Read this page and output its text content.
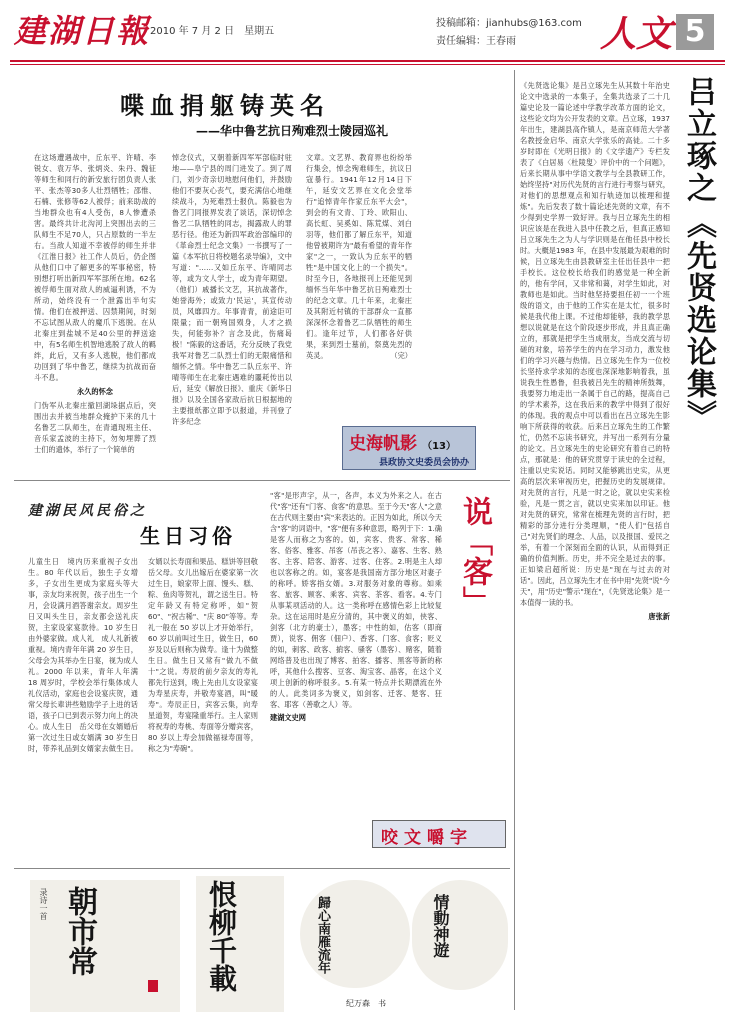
建湖日報 2010 年 7 月 2 日　星期五
投稿邮箱：jianhubs@163.com
责任编辑：王春雨 人文 5
喋血捐躯铸英名
——华中鲁艺抗日殉难烈士陵园巡礼
在这场遭遇战中，丘东平、许晴、李锐女、袁万华、张炳炎、朱丹、魏征等师生和同行的新安旅行团负责人张平、张杰等30多人壮烈牺牲；邵惟、石楠、张修等62人被俘；前来助战的当地群众也有4人受伤，8人惨遭杀害。最终共计北沟河上突围出去的三队师生不足70人，只占原数的一半左右。当敌人知道不幸被俘的师生并非《江淮日报》社工作人员后，仍企图从他们口中了解更多的军事秘密，特别想打听出新四军军部所在地。62名被俘师生面对敌人的威逼利诱，不为所动，始终没有一个泄露出半句实情。他们在被押送、囚禁期间，时刻不忘试图从敌人的魔爪下逃脱。在从北秦庄到盐城不足40公里的押送途中，有5名师生机智地逃脱了敌人的羁绊，此后，又有多人逃脱，他们都成功回到了华中鲁艺，继续为抗战而奋斗不息。
永久的怀念
门伪军从北秦庄撤回湖垛据点后，突围出去并被当地群众掩护下来的几十名鲁艺二队师生，在青通现班主任、音乐家孟波的主持下，勿匆埋葬了烈士们的遗体，举行了一个简单的
悼念仪式，又朝着新四军军部临时驻地——阜宁县的周门进发了。到了周门，刘少奇亲切地慰问他们，并鼓励他们不要灰心丧气，要充满信心地继续战斗，为死难烈士报仇。陈毅也为鲁艺门同报界发表了谈话，深切悼念鲁艺二队牺牲的同志，揭露敌人的罪恶行径。他还为新四军政治部编印的《革命烈士纪念文集》一书撰写了一篇《本军抗日将校题名录导编》，文中写道："……又如丘东平、许晴同志等，或为文人学士，或为青年期望。（他们）戚播长文艺，其抗战著作，她誉海外；或致力'民运'，其宣传动员，风靡四方。年事青青，前途讵可限量；而一朝殉国殒身，人才之损失，何能弥补？言念及此，伤痛曷极！"陈毅的这番话，充分反映了我党我军对鲁艺二队烈士们的无限痛惜和缅怀之情。华中鲁艺二队丘东平、许晴等师生在北秦庄遇难的噩耗传出以后，延安《解放日报》、重庆《新华日报》以及全国各家敌后抗日根据地的主要报纸都立即予以报道，并刊登了许多纪念
文章。文艺界、教育界也纷纷举行集会，悼念殉难师生，抗议日寇暴行。1941年12月14日下午，延安文艺界在文化会堂举行"追悼青年作家丘东平大会"，到会的有文青、丁玲、欧阳山、高长虹、吴奚如、陈荒煤、刘白羽等，他们都了解丘东平，知道他曾被期许为"最有希望的青年作家"之一，一致认为丘东平的牺牲"是中国文化上的一个损失"。时至今日，各地报刊上还能见到缅怀当年华中鲁艺抗日殉难烈士的纪念文章。几十年来，北秦庄及其附近村镇的干部群众一直都深深怀念着鲁艺二队牺牲的师生们。逢年过节，人们都各好供果，来到烈士墓前，祭奠先烈的英灵。	（完）
史海帆影 （13）
县政协文史委员会协办
《先贤选论集》是吕立琢先生从其数十年治史论文中选录的一本集子，全集共选录了二十几篇史论及一篇论述中学教学改革方面的论文，这些论文均为公开发表的文章。吕立琢，1937 年出生，建湖县高作镇人，是南京师范大学著名教授金启华、南京大学张乐的高徒。二十多岁时即在《光明日报》的《文学遗产》专栏发表了《白居易〈杜陵叟〉评价中的一个问题》，后来长期从事中学语文教学与全县教研工作，始终坚持"对历代先贤的言行进行考察与研究，对他们的思想观点和知行轨迹加以梳理和提炼"。先后发表了数十篇论述先贤的文章，有不少得到史学界一致好评。我与吕立琢先生的相识应该是在我进入县中任教之后，但真正感知吕立琢先生之为人与学识则是在他任县中校长时。大概是1983 年，在县中发展最为艰难的时候，吕立琢先生由县教研室主任出任县中一把手校长。这位校长给我们的感觉是一种全新的，他有学问，又非常和蔼，对学生如此，对教师也是如此。当时他坚持要担任初一一个班级的语文，由于他的工作实在是太忙，很多时候是我代他上课。不过他却能够，我的教学思想以说就是在这个阶段逐步形成，并且真正确立的，那就是把学生当成朋友，当成交流与切磋的对象，培养学生的内在学习动力，激发他们的学习兴趣与热情。吕立琢先生作为一位校长坚持求学求知的态度也深深地影响着我，虽说我生性愚鲁，但我被吕先生的精神所鼓舞，我要努力地走出一条属于自己的路，提高自己的学术素养，这在我后来的教学中得到了很好的体现。我的观点中可以看出在吕立琢先生影响下所获得的收获。后来吕立琢先生的工作繁忙，仍然不忘读书研究，并写出一系列有分量的论文。吕立琢先生的史论研究有着自己的特点，那就是：他的研究贯穿于读史的全过程，注重以史实说话。同时又能够跳出史实，从更高的层次来审视历史，把握历史的发展规律。对先贤的言行，凡是一时之论，就以史实来检验，凡是一贯之言，就以史实来加以印证。他对先贤的研究，常常在梳理先贤的言行时，把精彩的部分进行分类理顺，"使人们"包括自己"对先贤们的理念、人品，以及报国、爱民之举，有着一个深刻而全面的认识，从而得到正确的价值判断。历史，并不完全是过去的事。正如梁启超所说：历史是"现在与过去的对话"。因此，吕立琢先生才在书中用"先贤"说"今天"，用"历史"警示"现在"，《先贤选论集》是一本值得一读的书。
唐张新
吕立琢之《先贤选论集》
建湖民风民俗之
生日习俗
儿童生日　境内历来重视子女出生。80 年代以后，独生子女增多，子女出生更成为家庭头等大事，亲友均来祝贺，孩子出生一个月，会设满月酒答谢亲友。周岁生日又叫头生日，亲友都会送礼庆贺，主家设家宴款待。10 岁生日由外婆家做。成人礼　成人礼新被重视。境内青年年满 20 岁生日，父母会为其举办生日宴，视为成人礼。2000 年以来，青年人年满 18 周岁时，学校会举行集体成人礼仪活动，家庭也会设宴庆贺，通常父母长辈讲些勉励学子上进的话语，孩子口已到表示努力向上的决心。成人生日　岳父母在女婿婚后第一次过生日或女婿满 30 岁生日时，带养礼品到女婿家去做生日。女婿以长寿面和果品、糕饼等回敬岳父母。女儿出嫁后在婆家第一次过生日，娘家带上面、馒头、糕、粽、鱼肉等贺礼，谓之送生日。特定年龄又有特定称呼，如"贺 60"、"祝古稀"、"庆 80"等等。寿礼一般在 50 岁以上才开始举行，60 岁以前叫过生日，做生日，60 岁及以后则称为做寿。逢十为做整生日。做生日又常有"做九不做十"之说。寿辰的前夕亲友的寿礼都先行送到，晚上先由儿女设家宴为寿星庆寿，并敬寿宴酒，叫"暖寿"。寿辰正日，宾客云集，向寿星道贺，寿宴隆重举行。主人家则将祝寿的寿桃、寿面等分赠宾客，80 岁以上寿会加做福禄寿面等，称之为"寿碗"。
"客"是形声字，从一，各声，本义为外来之人。在古代"客"还有"门客、食客"的意思。至于今天"客人"之意在古代则主要由"宾"来表达的。正因为如此，所以今天含"客"的词语中，"客"便有多种意思，略列于下：1.确是客人而称之为客的。如，宾客、贵客、常客、稀客、俗客、雅客、吊客（吊丧之客）、嘉客、生客、熟客、主客、陪客、游客、过客、住客。2.明是主人却也以客称之的。如，宴客是我国南方部分地区对妻子的称呼。娇客指女婿。3.对服务对象的尊称。如乘客、旅客、顾客、乘客、宾客、茶客、看客。4.专门从事某项活动的人。这一类称呼在感情色彩上比较复杂。这在运用时是应分清的，其中褒义的如，侠客、剑客（北方的豪士），墨客；中性的如，估客（即商贾），说客、佣客（佃户）、香客、门客、食客；贬义的如，刺客、政客、掮客、骚客（墨客）、赌客，随着网络普及也出现了博客、拍客、播客、黑客等新的称呼，其他什么搜客、豆客、淘宝客、晶客，在这个义项上创新的称呼很多。5.有某一特点并长期漂流在外的人。此类词多为褒义，如剑客、迁客、楚客、狂客、耶客（善歌之人）等。
建湖文史网
说「客」
咬文嚼字
录诗一首 朝市常	恨柳千載	歸心南雁流年	情動神遊
纪万森　书
